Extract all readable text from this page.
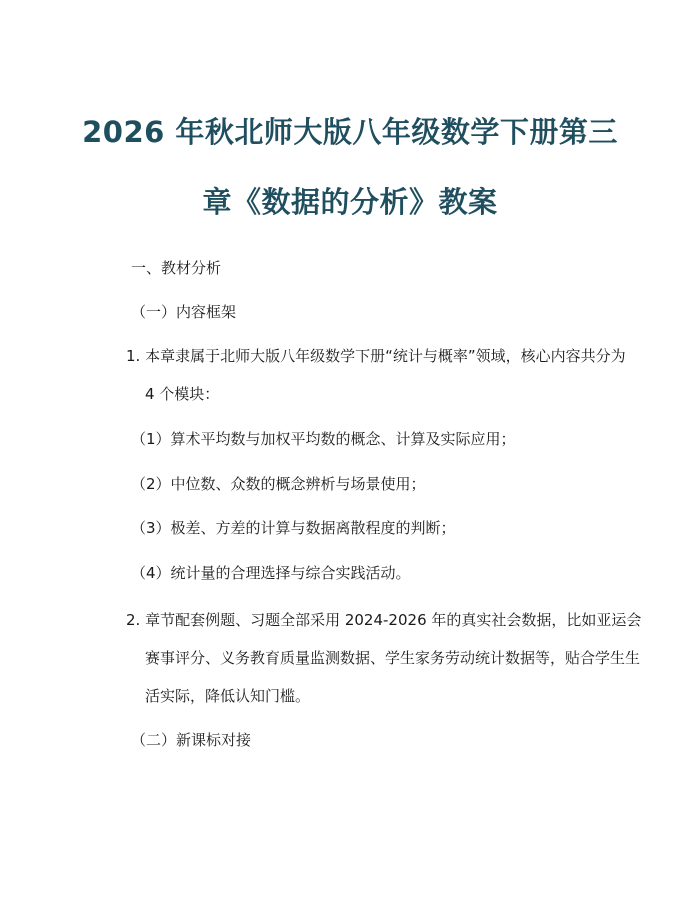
2026 年秋北师大版八年级数学下册第三
章《数据的分析》教案
一、教材分析
（一）内容框架
1. 本章隶属于北师大版八年级数学下册“统计与概率”领域，核心内容共分为
4 个模块：
（1）算术平均数与加权平均数的概念、计算及实际应用；
（2）中位数、众数的概念辨析与场景使用；
（3）极差、方差的计算与数据离散程度的判断；
（4）统计量的合理选择与综合实践活动。
2. 章节配套例题、习题全部采用 2024-2026 年的真实社会数据，比如亚运会
赛事评分、义务教育质量监测数据、学生家务劳动统计数据等，贴合学生生
活实际，降低认知门槛。
（二）新课标对接
